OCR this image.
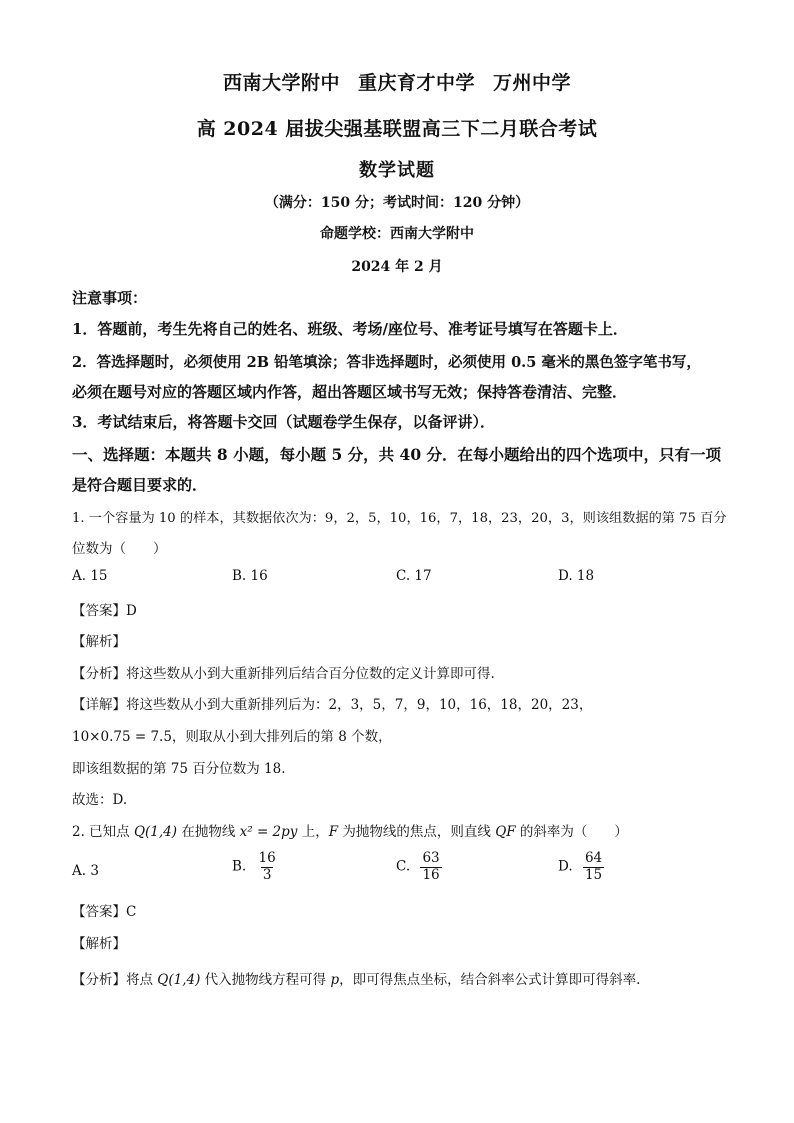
西南大学附中 重庆育才中学 万州中学
高 2024 届拔尖强基联盟高三下二月联合考试
数学试题
（满分：150 分；考试时间：120 分钟）
命题学校：西南大学附中
2024 年 2 月
注意事项：
1．答题前，考生先将自己的姓名、班级、考场/座位号、准考证号填写在答题卡上．
2．答选择题时，必须使用 2B 铅笔填涂；答非选择题时，必须使用 0.5 毫米的黑色签字笔书写，
必须在题号对应的答题区域内作答，超出答题区域书写无效；保持答卷清洁、完整．
3．考试结束后，将答题卡交回（试题卷学生保存，以备评讲）．
一、选择题：本题共 8 小题，每小题 5 分，共 40 分．在每小题给出的四个选项中，只有一项
是符合题目要求的．
1. 一个容量为 10 的样本，其数据依次为：9，2，5，10，16，7，18，23，20，3，则该组数据的第 75 百分
位数为（　　）
A. 15	B. 16	C. 17	D. 18
【答案】D
【解析】
【分析】将这些数从小到大重新排列后结合百分位数的定义计算即可得.
【详解】将这些数从小到大重新排列后为：2，3，5，7，9，10，16，18，20，23，
10×0.75 = 7.5，则取从小到大排列后的第 8 个数，
即该组数据的第 75 百分位数为 18.
故选：D.
2. 已知点 Q(1,4) 在抛物线 x² = 2py 上，F 为抛物线的焦点，则直线 QF 的斜率为（　　）
A. 3	B. $\frac{16}{3}$	C. $\frac{63}{16}$	D. $\frac{64}{15}$
【答案】C
【解析】
【分析】将点 Q(1,4) 代入抛物线方程可得 p，即可得焦点坐标，结合斜率公式计算即可得斜率.
